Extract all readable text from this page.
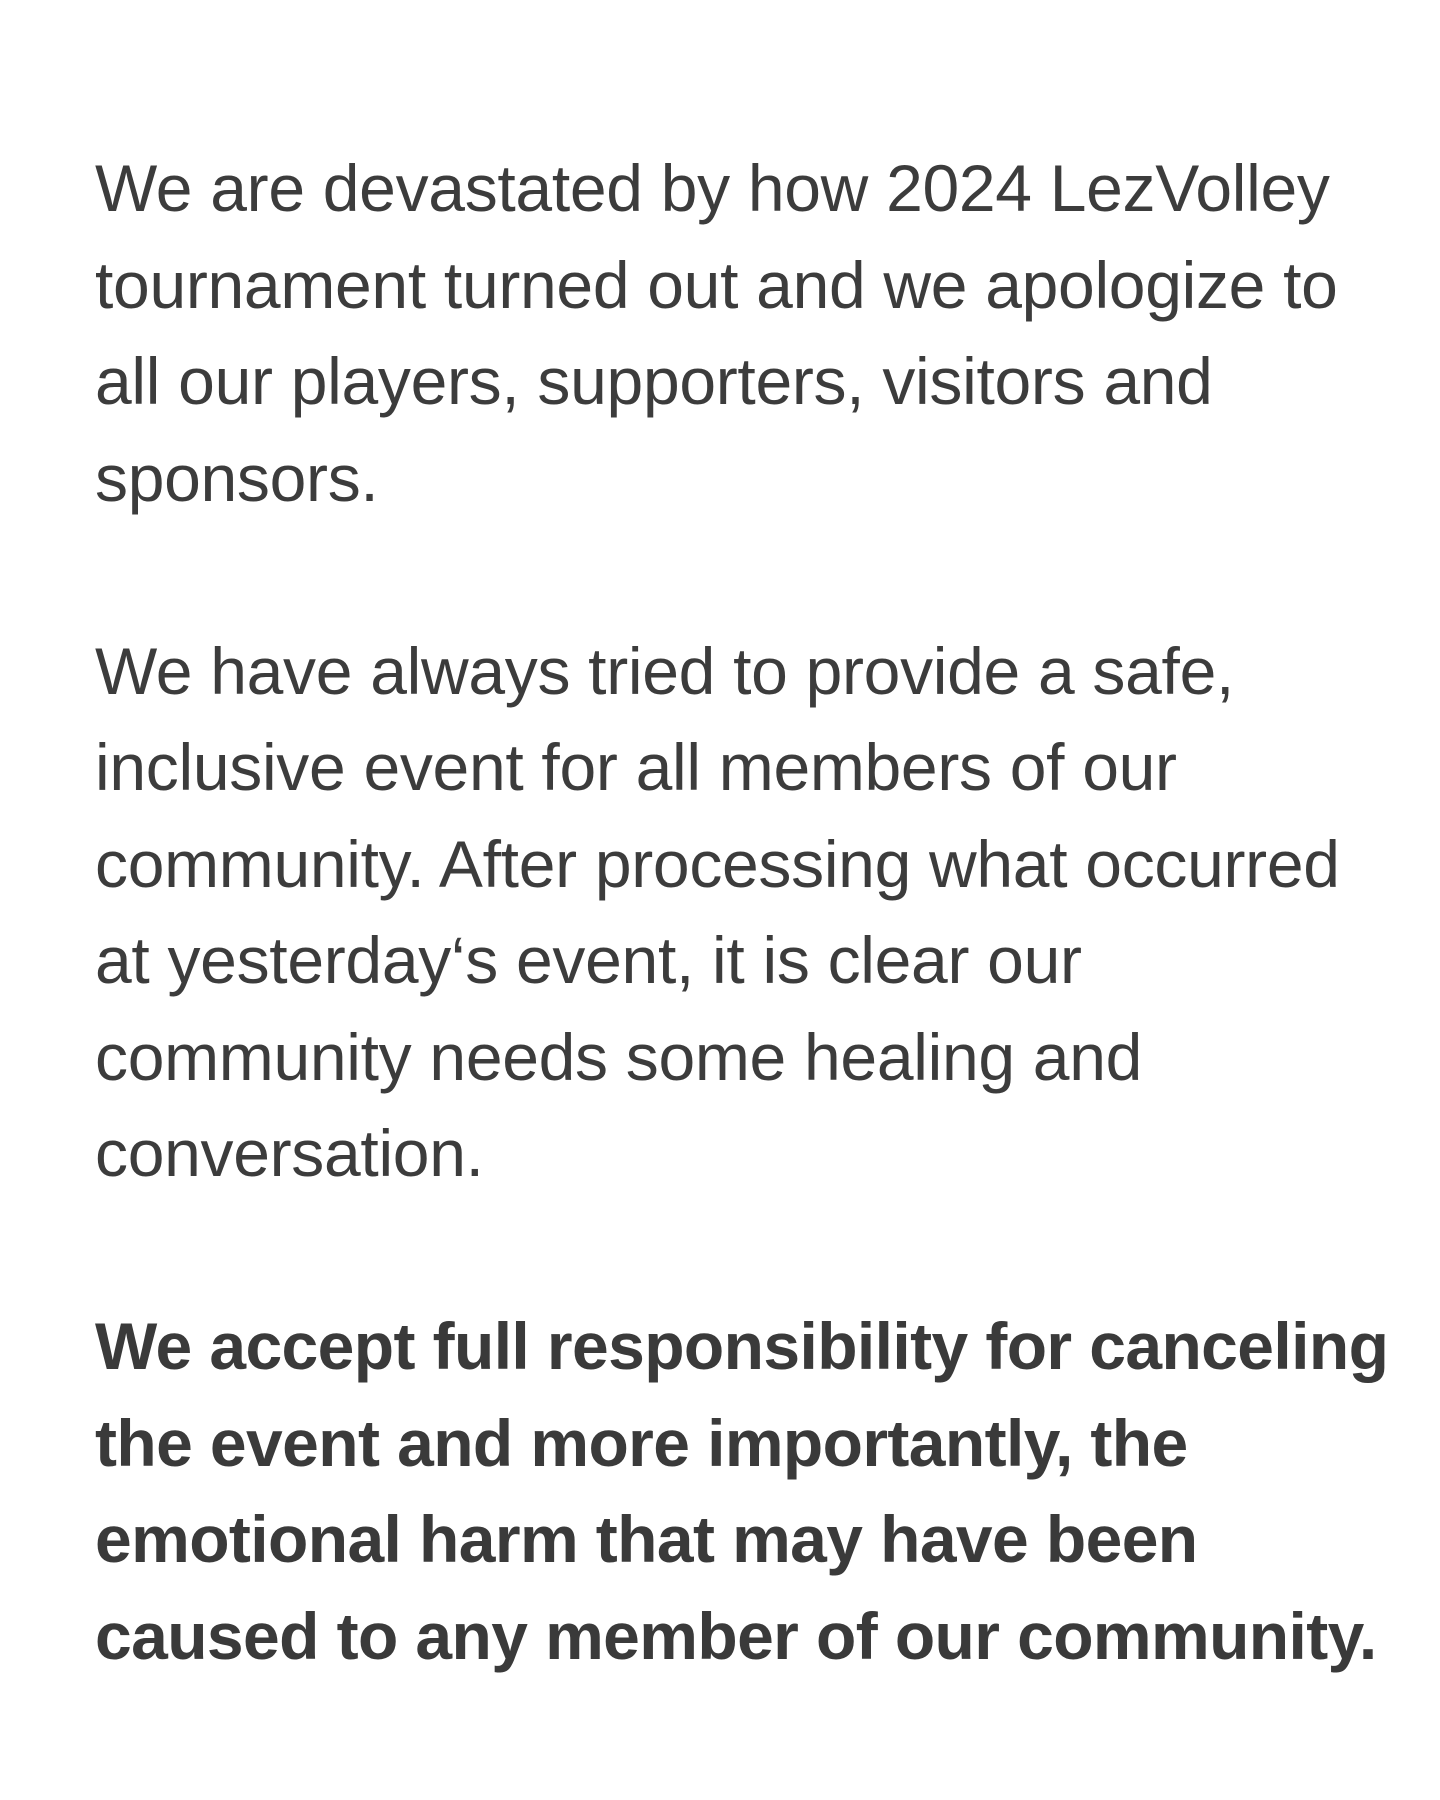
We are devastated by how 2024 LezVolley
tournament turned out and we apologize to
all our players, supporters, visitors and
sponsors.

We have always tried to provide a safe,
inclusive event for all members of our
community. After processing what occurred
at yesterday‘s event, it is clear our
community needs some healing and
conversation.

We accept full responsibility for canceling
the event and more importantly, the
emotional harm that may have been
caused to any member of our community.
